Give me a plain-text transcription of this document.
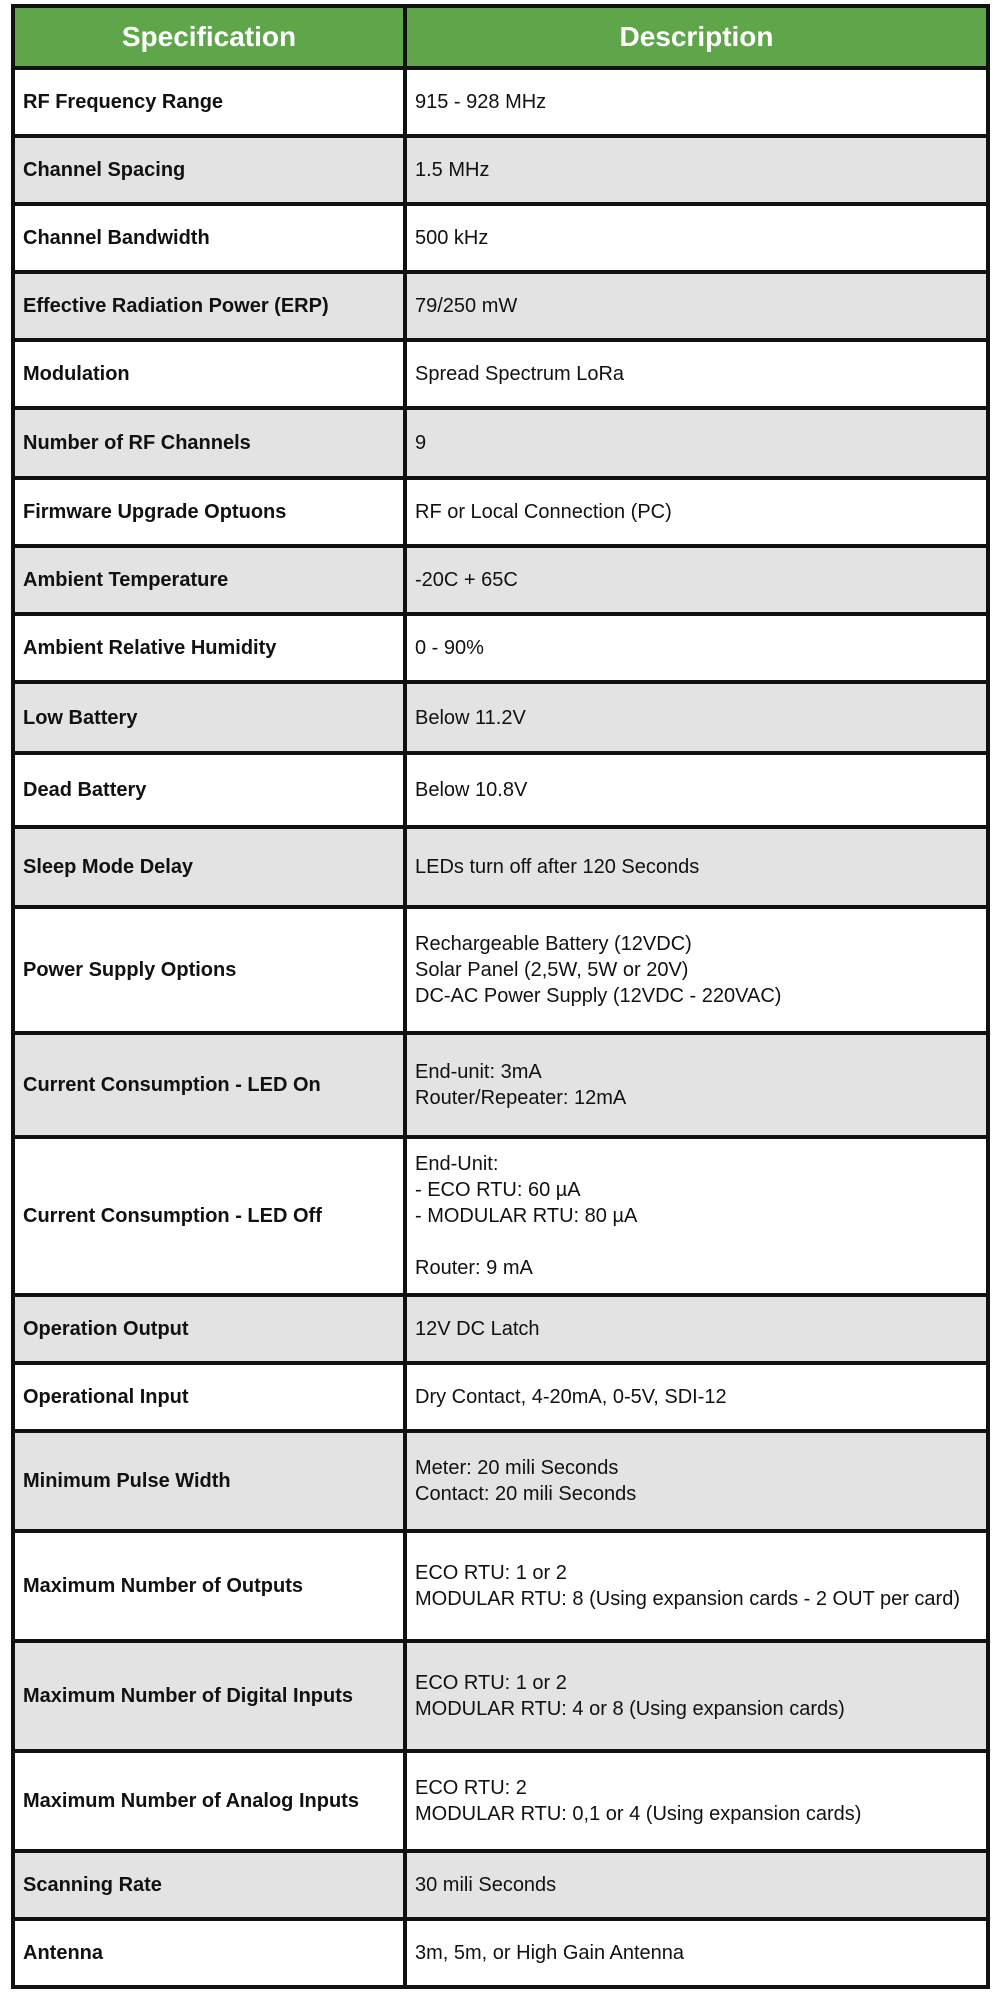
Specification	Description
RF Frequency Range	915 - 928 MHz

Channel Spacing	1.5 MHz

Channel Bandwidth	500 kHz

Effective Radiation Power (ERP)	79/250 mW

Modulation	Spread Spectrum LoRa

Number of RF Channels	9

Firmware Upgrade Optuons	RF or Local Connection (PC)

Ambient Temperature	-20C + 65C

Ambient Relative Humidity	0 - 90%

Low Battery	Below 11.2V

Dead Battery	Below 10.8V

Sleep Mode Delay	LEDs turn off after 120 Seconds

Power Supply Options	Rechargeable Battery (12VDC)
Solar Panel (2,5W, 5W or 20V)
DC-AC Power Supply (12VDC - 220VAC)

Current Consumption - LED On	End-unit: 3mA
Router/Repeater: 12mA

Current Consumption - LED Off	End-Unit:
- ECO RTU: 60 µA
- MODULAR RTU: 80 µA
Router: 9 mA

Operation Output	12V DC Latch

Operational Input	Dry Contact, 4-20mA, 0-5V, SDI-12

Minimum Pulse Width	Meter: 20 mili Seconds
Contact: 20 mili Seconds

Maximum Number of Outputs	ECO RTU: 1 or 2
MODULAR RTU: 8 (Using expansion cards - 2 OUT per card)

Maximum Number of Digital Inputs	ECO RTU: 1 or 2
MODULAR RTU: 4 or 8 (Using expansion cards)

Maximum Number of Analog Inputs	ECO RTU: 2
MODULAR RTU: 0,1 or 4 (Using expansion cards)

Scanning Rate	30 mili Seconds

Antenna	3m, 5m, or High Gain Antenna
